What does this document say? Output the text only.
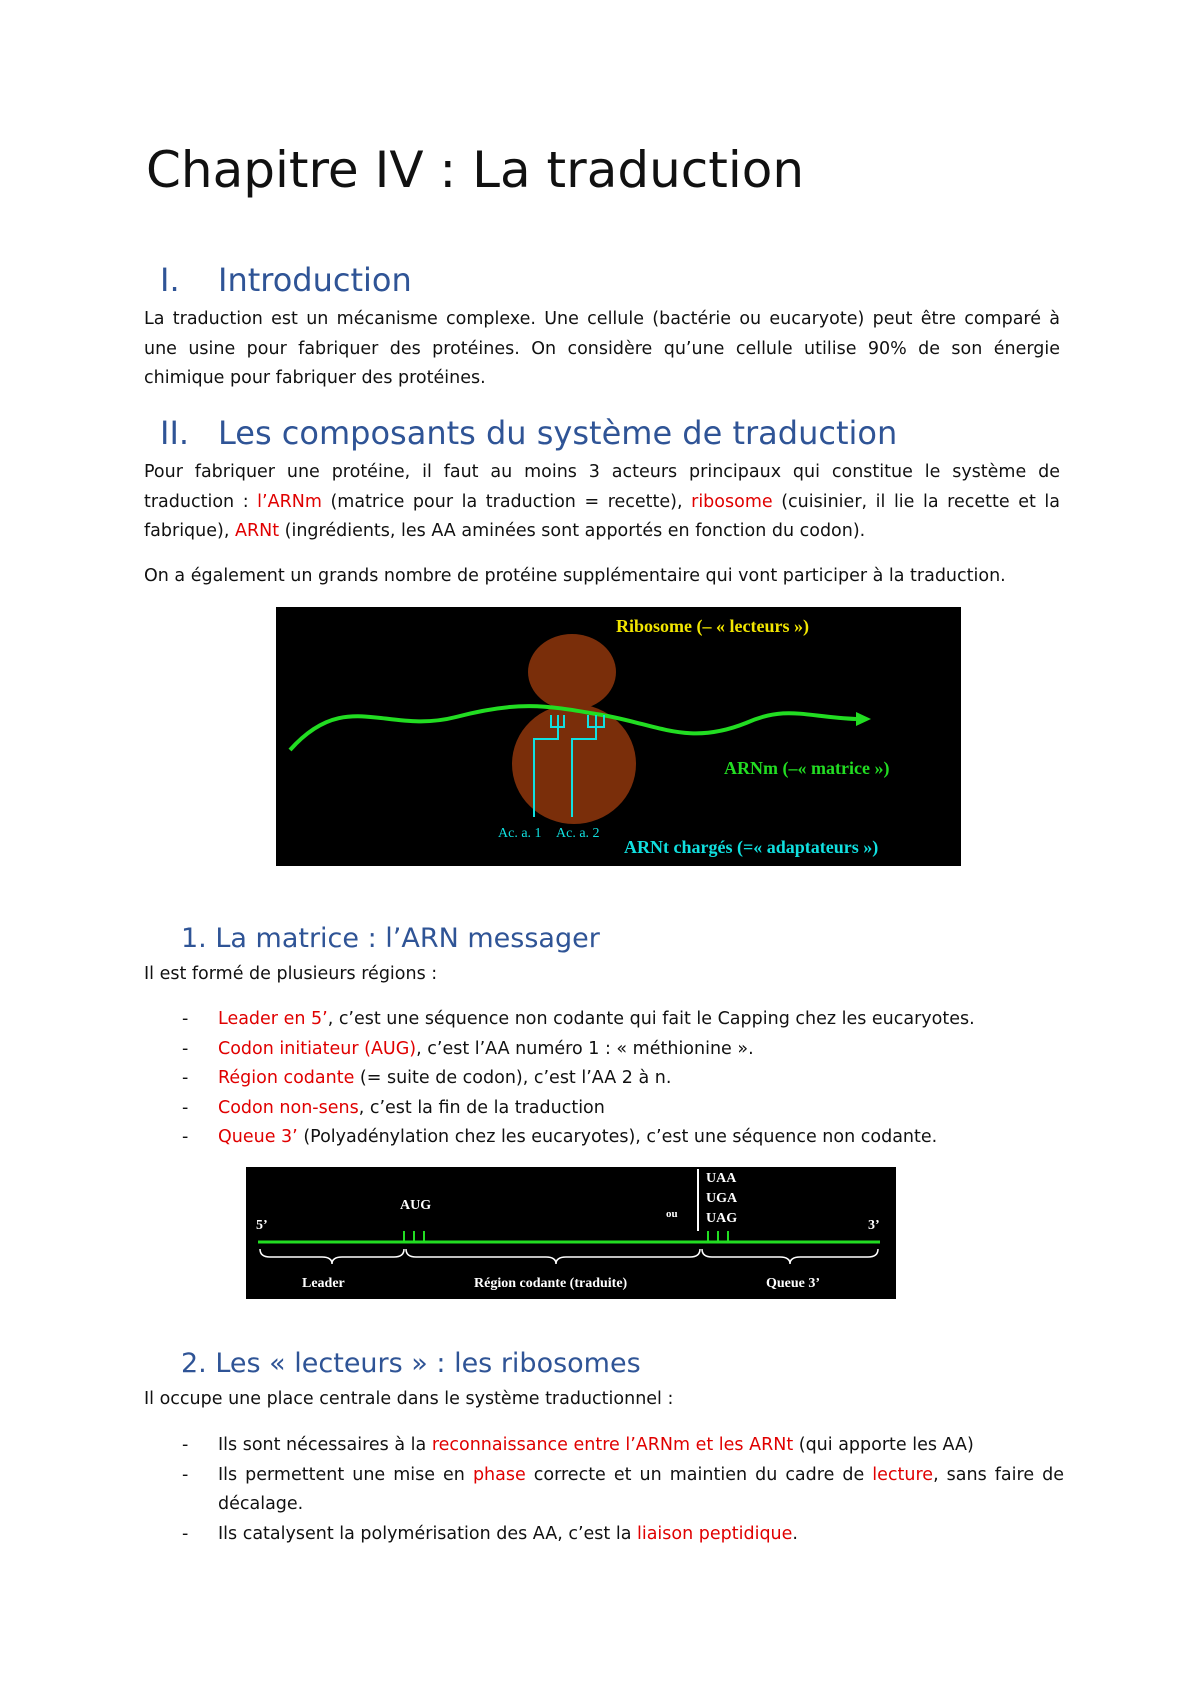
Chapitre IV : La traduction
I. Introduction

La traduction est un mécanisme complexe. Une cellule (bactérie ou eucaryote) peut être comparé à une usine pour fabriquer des protéines. On considère qu’une cellule utilise 90% de son énergie chimique pour fabriquer des protéines.

II. Les composants du système de traduction

Pour fabriquer une protéine, il faut au moins 3 acteurs principaux qui constitue le système de traduction : l’ARNm (matrice pour la traduction = recette), ribosome (cuisinier, il lie la recette et la fabrique), ARNt (ingrédients, les AA aminées sont apportés en fonction du codon).

On a également un grands nombre de protéine supplémentaire qui vont participer à la traduction.

Ribosome (– « lecteurs »)
ARNm (–« matrice »)
Ac. a. 1 Ac. a. 2
ARNt chargés (=« adaptateurs »)
1. La matrice : l’ARN messager

Il est formé de plusieurs régions :

- Leader en 5’, c’est une séquence non codante qui fait le Capping chez les eucaryotes.
- Codon initiateur (AUG), c’est l’AA numéro 1 : « méthionine ».
- Région codante (= suite de codon), c’est l’AA 2 à n.
- Codon non-sens, c’est la fin de la traduction
- Queue 3’ (Polyadénylation chez les eucaryotes), c’est une séquence non codante.
5’	3’
AUG
ou
UAA
UGA
UAG
Leader	Région codante (traduite)	Queue 3’
2. Les « lecteurs » : les ribosomes

Il occupe une place centrale dans le système traductionnel :

- Ils sont nécessaires à la reconnaissance entre l’ARNm et les ARNt (qui apporte les AA)
- Ils permettent une mise en phase correcte et un maintien du cadre de lecture, sans faire de décalage.
- Ils catalysent la polymérisation des AA, c’est la liaison peptidique.
